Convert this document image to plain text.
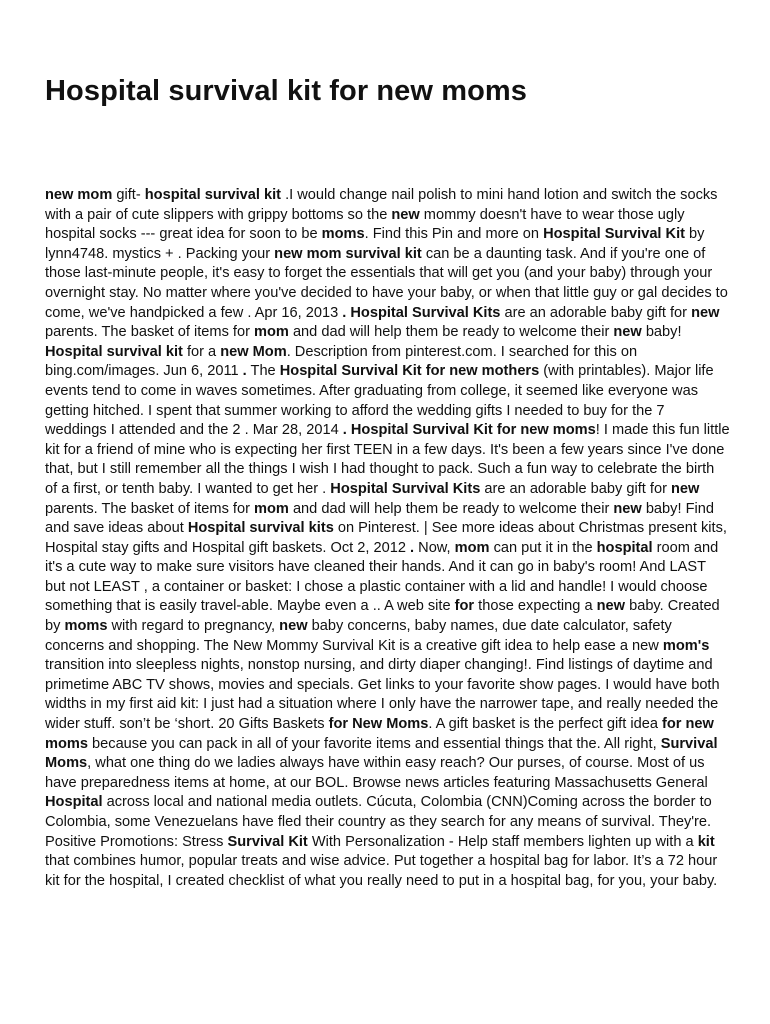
Hospital survival kit for new moms

new mom gift- hospital survival kit .I would change nail polish to mini hand lotion and switch the socks with a pair of cute slippers with grippy bottoms so the new mommy doesn't have to wear those ugly hospital socks --- great idea for soon to be moms. Find this Pin and more on Hospital Survival Kit by lynn4748. mystics + . Packing your new mom survival kit can be a daunting task. And if you're one of those last-minute people, it's easy to forget the essentials that will get you (and your baby) through your overnight stay. No matter where you've decided to have your baby, or when that little guy or gal decides to come, we've handpicked a few . Apr 16, 2013 . Hospital Survival Kits are an adorable baby gift for new parents. The basket of items for mom and dad will help them be ready to welcome their new baby! Hospital survival kit for a new Mom. Description from pinterest.com. I searched for this on bing.com/images. Jun 6, 2011 . The Hospital Survival Kit for new mothers (with printables). Major life events tend to come in waves sometimes. After graduating from college, it seemed like everyone was getting hitched. I spent that summer working to afford the wedding gifts I needed to buy for the 7 weddings I attended and the 2 . Mar 28, 2014 . Hospital Survival Kit for new moms! I made this fun little kit for a friend of mine who is expecting her first TEEN in a few days. It's been a few years since I've done that, but I still remember all the things I wish I had thought to pack. Such a fun way to celebrate the birth of a first, or tenth baby. I wanted to get her . Hospital Survival Kits are an adorable baby gift for new parents. The basket of items for mom and dad will help them be ready to welcome their new baby! Find and save ideas about Hospital survival kits on Pinterest. | See more ideas about Christmas present kits, Hospital stay gifts and Hospital gift baskets. Oct 2, 2012 . Now, mom can put it in the hospital room and it's a cute way to make sure visitors have cleaned their hands. And it can go in baby's room! And LAST but not LEAST , a container or basket: I chose a plastic container with a lid and handle! I would choose something that is easily travel-able. Maybe even a .. A web site for those expecting a new baby. Created by moms with regard to pregnancy, new baby concerns, baby names, due date calculator, safety concerns and shopping. The New Mommy Survival Kit is a creative gift idea to help ease a new mom's transition into sleepless nights, nonstop nursing, and dirty diaper changing!. Find listings of daytime and primetime ABC TV shows, movies and specials. Get links to your favorite show pages. I would have both widths in my first aid kit: I just had a situation where I only have the narrower tape, and really needed the wider stuff. son’t be ‘short. 20 Gifts Baskets for New Moms. A gift basket is the perfect gift idea for new moms because you can pack in all of your favorite items and essential things that the. All right, Survival Moms, what one thing do we ladies always have within easy reach? Our purses, of course. Most of us have preparedness items at home, at our BOL. Browse news articles featuring Massachusetts General Hospital across local and national media outlets. Cúcuta, Colombia (CNN)Coming across the border to Colombia, some Venezuelans have fled their country as they search for any means of survival. They're. Positive Promotions: Stress Survival Kit With Personalization - Help staff members lighten up with a kit that combines humor, popular treats and wise advice. Put together a hospital bag for labor. It’s a 72 hour kit for the hospital, I created checklist of what you really need to put in a hospital bag, for you, your baby.
